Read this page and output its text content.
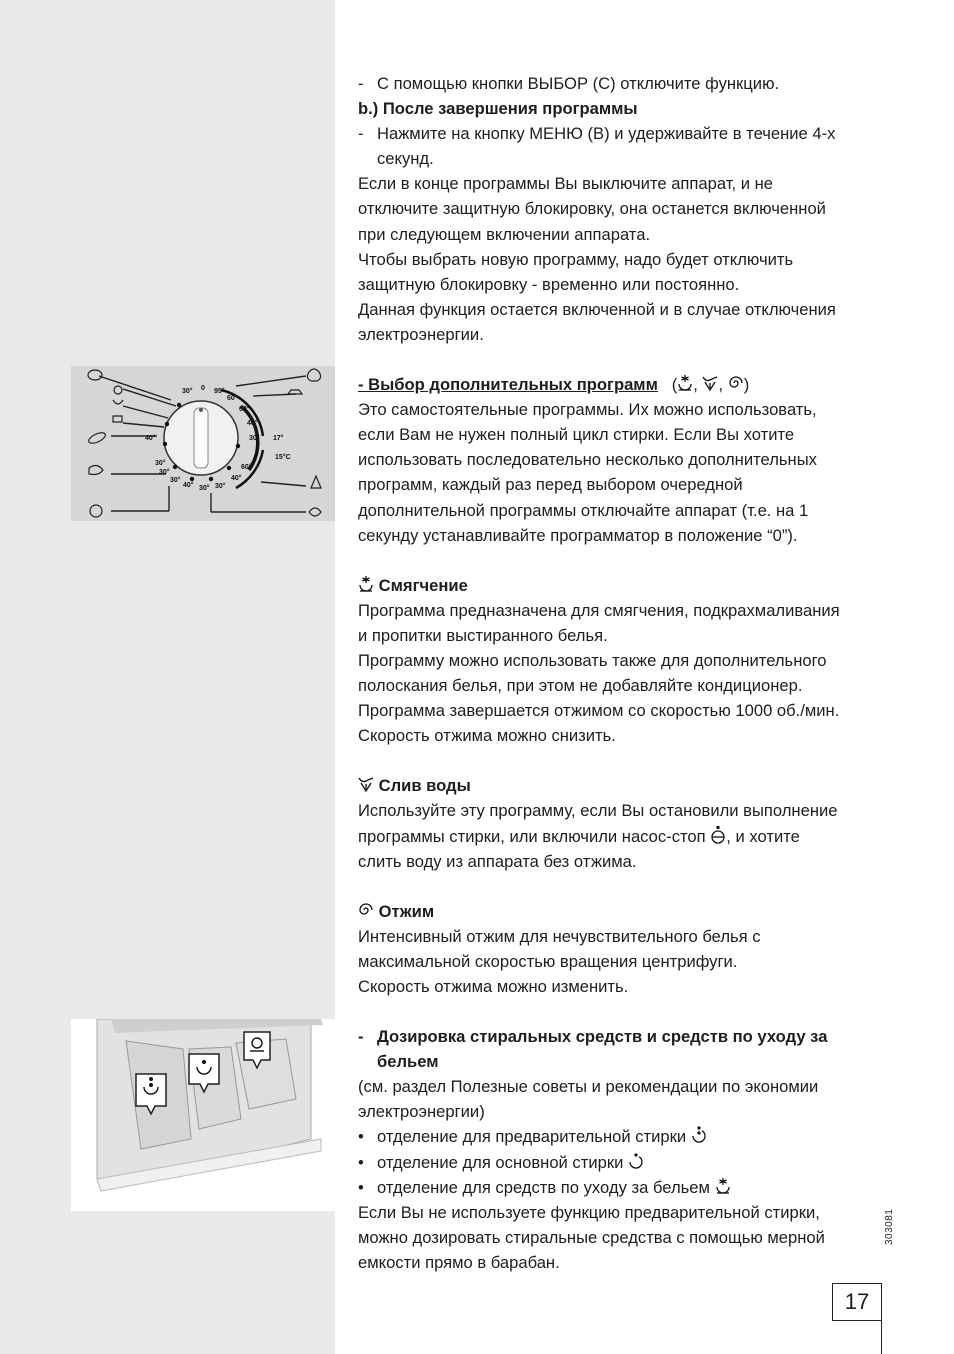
30° 0 95°
60°
60°
40°
30° 17°
15°C
60°
40°
30°
40°
30°
30°
40° 30°
30°
- С помощью кнопки ВЫБОР (C) отключите функцию.
b.) После завершения программы
- Нажмите на кнопку МЕНЮ (B) и удерживайте в течение 4-х
секунд.
Если в конце программы Вы выключите аппарат, и не
отключите защитную блокировку, она останется включенной
при следующем включении аппарата.
Чтобы выбрать новую программу, надо будет отключить
защитную блокировку - временно или постоянно.
Данная функция остается включенной и в случае отключения
электроэнергии.
- Выбор дополнительных программ   ( , , )
Это самостоятельные программы. Их можно использовать,
если Вам не нужен полный цикл стирки. Если Вы хотите
использовать последовательно несколько дополнительных
программ, каждый раз перед выбором очередной
дополнительной программы отключайте аппарат (т.е. на 1
секунду устанавливайте программатор в положение “0”).
Смягчение
Программа предназначена для смягчения, подкрахмаливания
и пропитки выстиранного белья.
Программу можно использовать также для дополнительного
полоскания белья, при этом не добавляйте кондиционер.
Программа завершается отжимом со скоростью 1000 об./мин.
Скорость отжима можно снизить.
Слив воды
Используйте эту программу, если Вы остановили выполнение
программы стирки, или включили насос-стоп , и хотите
слить воду из аппарата без отжима.
Отжим
Интенсивный отжим для нечувствительного белья с
максимальной скоростью вращения центрифуги.
Скорость отжима можно изменить.
- Дозировка стиральных средств и средств по уходу за
бельем
(см. раздел Полезные советы и рекомендации по экономии
электроэнергии)
• отделение для предварительной стирки
• отделение для основной стирки
• отделение для средств по уходу за бельем
Если Вы не используете функцию предварительной стирки,
можно дозировать стиральные средства с помощью мерной
емкости прямо в барабан.
303081
17
